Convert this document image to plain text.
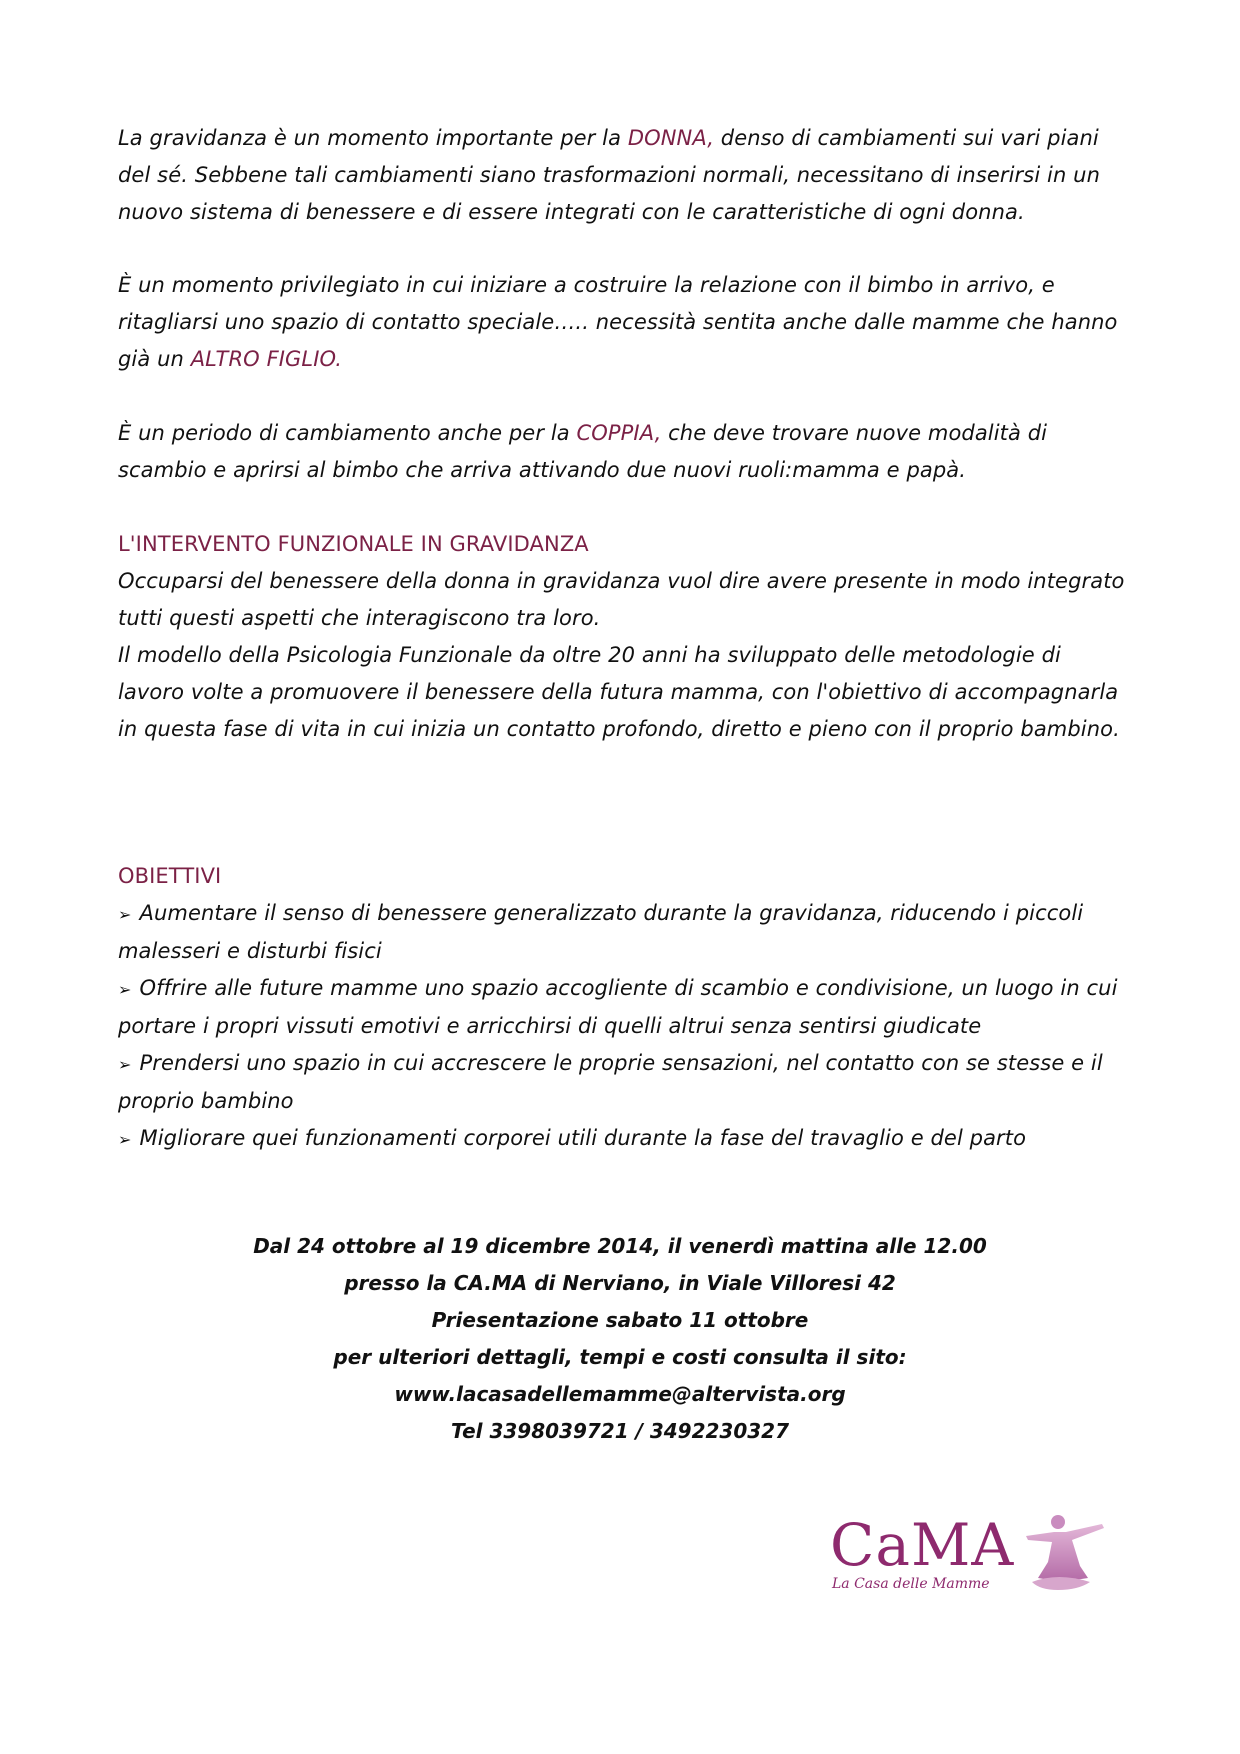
La gravidanza è un momento importante per la DONNA, denso di cambiamenti sui vari piani del sé. Sebbene tali cambiamenti siano trasformazioni normali, necessitano di inserirsi in un nuovo sistema di benessere e di essere integrati con le caratteristiche di ogni donna.

È un momento privilegiato in cui iniziare a costruire la relazione con il bimbo in arrivo, e ritagliarsi uno spazio di contatto speciale….. necessità sentita anche dalle mamme che hanno già un ALTRO FIGLIO.

È un periodo di cambiamento anche per la COPPIA, che deve trovare nuove modalità di scambio e aprirsi al bimbo che arriva attivando due nuovi ruoli:mamma e papà.

L'INTERVENTO FUNZIONALE IN GRAVIDANZA
Occuparsi del benessere della donna in gravidanza vuol dire avere presente in modo integrato tutti questi aspetti che interagiscono tra loro.
Il modello della Psicologia Funzionale da oltre 20 anni ha sviluppato delle metodologie di lavoro volte a promuovere il benessere della futura mamma, con l'obiettivo di accompagnarla in questa fase di vita in cui inizia un contatto profondo, diretto e pieno con il proprio bambino.
OBIETTIVI
➢ Aumentare il senso di benessere generalizzato durante la gravidanza, riducendo i piccoli malesseri e disturbi fisici
➢ Offrire alle future mamme uno spazio accogliente di scambio e condivisione, un luogo in cui portare i propri vissuti emotivi e arricchirsi di quelli altrui senza sentirsi giudicate
➢ Prendersi uno spazio in cui accrescere le proprie sensazioni, nel contatto con se stesse e il proprio bambino
➢ Migliorare quei funzionamenti corporei utili durante la fase del travaglio e del parto
Dal 24 ottobre al 19 dicembre 2014, il venerdì mattina alle 12.00
presso la CA.MA di Nerviano, in Viale Villoresi 42
Priesentazione sabato 11 ottobre
per ulteriori dettagli, tempi e costi consulta il sito:
www.lacasadellemamme@altervista.org
Tel 3398039721 / 3492230327
CaMA
La Casa delle Mamme
